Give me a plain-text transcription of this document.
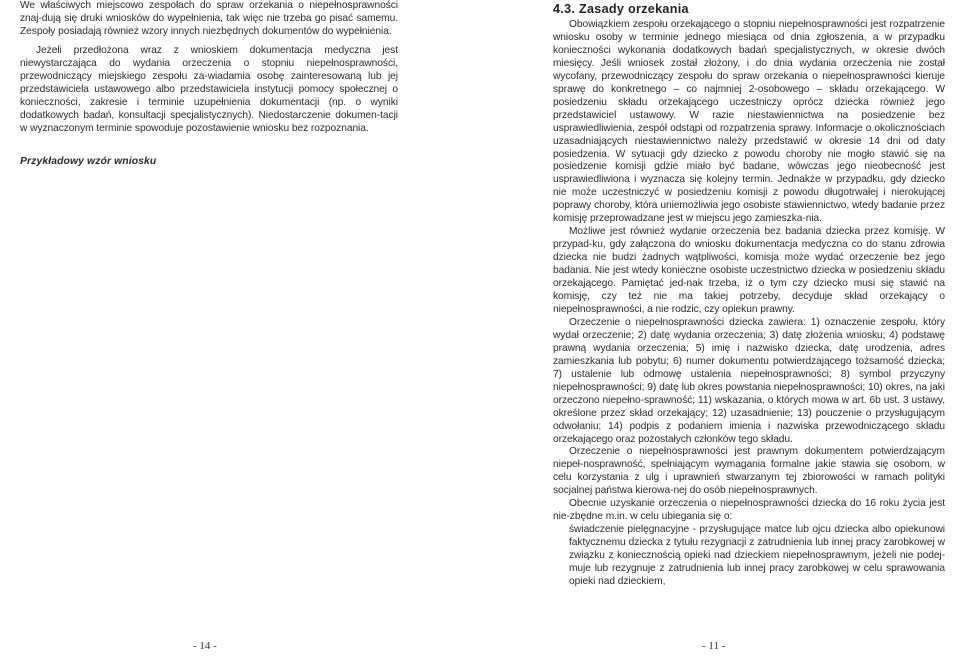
We właściwych miejscowo zespołach do spraw orzekania o niepełnosprawności znaj-dują się druki wniosków do wypełnienia, tak więc nie trzeba go pisać samemu. Zespoły posiadają również wzory innych niezbędnych dokumentów do wypełnienia.

Jeżeli przedłożona wraz z wnioskiem dokumentacja medyczna jest niewystarczająca do wydania orzeczenia o stopniu niepełnosprawności, przewodniczący miejskiego zespołu za-wiadamia osobę zainteresowaną lub jej przedstawiciela ustawowego albo przedstawiciela instytucji pomocy społecznej o konieczności, zakresie i terminie uzupełnienia dokumentacji (np. o wyniki dodatkowych badań, konsultacji specjalistycznych). Niedostarczenie dokumen-tacji w wyznaczonym terminie spowoduje pozostawienie wniosku bez rozpoznania.

Przykładowy wzór wniosku

- 14 -
4.3. Zasady orzekania

Obowiązkiem zespołu orzekającego o stopniu niepełnosprawności jest rozpatrzenie wniosku osoby w terminie jednego miesiąca od dnia zgłoszenia, a w przypadku konieczności wykonania dodatkowych badań specjalistycznych, w okresie dwóch miesięcy. Jeśli wniosek został złożony, i do dnia wydania orzeczenia nie został wycofany, przewodniczący zespołu do spraw orzekania o niepełnosprawności kieruje sprawę do konkretnego – co najmniej 2-osobowego – składu orzekającego. W posiedzeniu składu orzekającego uczestniczy oprócz dziecka również jego przedstawiciel ustawowy. W razie niestawiennictwa na posiedzenie bez usprawiedliwienia, zespół odstąpi od rozpatrzenia sprawy. Informacje o okolicznościach uzasadniających niestawiennictwo należy przedstawić w okresie 14 dni od daty posiedzenia. W sytuacji gdy dziecko z powodu choroby nie mogło stawić się na posiedzenie komisji gdzie miało być badane, wówczas jego nieobecność jest usprawiedliwiona i wyznacza się kolejny termin. Jednakże w przypadku, gdy dziecko nie może uczestniczyć w posiedzeniu komisji z powodu długotrwałej i nierokującej poprawy choroby, która uniemożliwia jego osobiste stawiennictwo, wtedy badanie przez komisję przeprowadzane jest w miejscu jego zamieszka-nia.

Możliwe jest również wydanie orzeczenia bez badania dziecka przez komisję. W przypad-ku, gdy załączona do wniosku dokumentacja medyczna co do stanu zdrowia dziecka nie budzi żadnych wątpliwości, komisja może wydać orzeczenie bez jego badania. Nie jest wtedy konieczne osobiste uczestnictwo dziecka w posiedzeniu składu orzekającego. Pamiętać jed-nak trzeba, iż o tym czy dziecko musi się stawić na komisję, czy też nie ma takiej potrzeby, decyduje skład orzekający o niepełnosprawności, a nie rodzic, czy opiekun prawny.

Orzeczenie o niepełnosprawności dziecka zawiera: 1) oznaczenie zespołu, który wydał orzeczenie; 2) datę wydania orzeczenia; 3) datę złożenia wniosku; 4) podstawę prawną wydania orzeczenia; 5) imię i nazwisko dziecka, datę urodzenia, adres zamieszkania lub pobytu; 6) numer dokumentu potwierdzającego tożsamość dziecka; 7) ustalenie lub odmowę ustalenia niepełnosprawności; 8) symbol przyczyny niepełnosprawności; 9) datę lub okres powstania niepełnosprawności; 10) okres, na jaki orzeczono niepełno-sprawność; 11) wskazania, o których mowa w art. 6b ust. 3 ustawy, określone przez skład orzekający; 12) uzasadnienie; 13) pouczenie o przysługującym odwołaniu; 14) podpis z podaniem imienia i nazwiska przewodniczącego składu orzekającego oraz pozostałych członków tego składu.

Orzeczenie o niepełnosprawności jest prawnym dokumentem potwierdzającym niepeł-nosprawność, spełniającym wymagania formalne jakie stawia się osobom, w celu korzystania z ulg i uprawnień stwarzanym tej zbiorowości w ramach polityki socjalnej państwa kierowa-nej do osób niepełnosprawnych.

Obecnie uzyskanie orzeczenia o niepełnosprawności dziecka do 16 roku życia jest nie-zbędne m.in. w celu ubiegania się o:

świadczenie pielęgnacyjne - przysługujące matce lub ojcu dziecka albo opiekunowi faktycznemu dziecka z tytułu rezygnacji z zatrudnienia lub innej pracy zarobkowej w związku z koniecznością opieki nad dzieckiem niepełnosprawnym, jeżeli nie podej-muje lub rezygnuje z zatrudnienia lub innej pracy zarobkowej w celu sprawowania opieki nad dzieckiem,
- 11 -
